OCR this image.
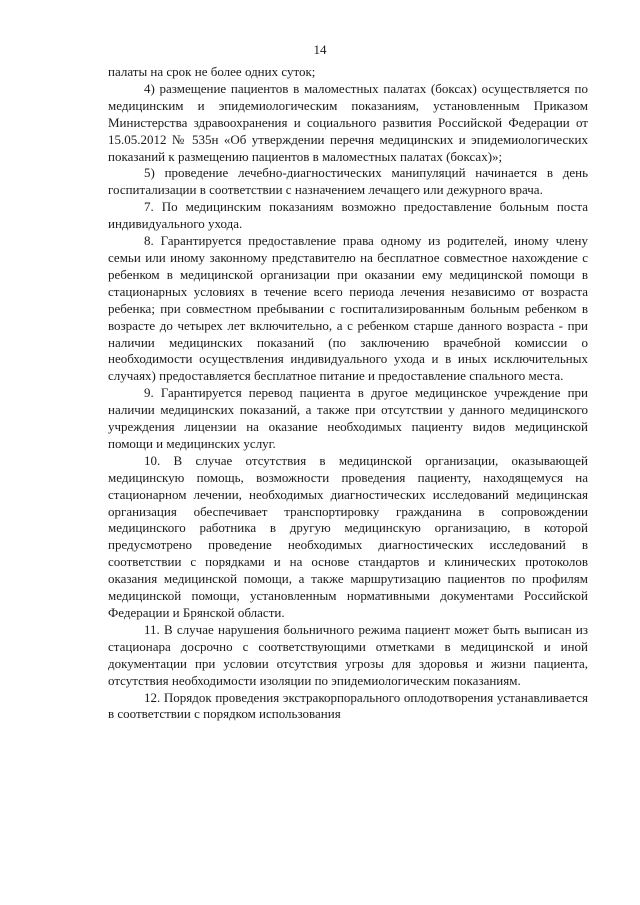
14

палаты на срок не более одних суток;

4) размещение пациентов в маломестных палатах (боксах) осуществляется по медицинским и эпидемиологическим показаниям, установленным Приказом Министерства здравоохранения и социального развития Российской Федерации от 15.05.2012 № 535н «Об утверждении перечня медицинских и эпидемиологических показаний к размещению пациентов в маломестных палатах (боксах)»;

5) проведение лечебно-диагностических манипуляций начинается в день госпитализации в соответствии с назначением лечащего или дежурного врача.

7. По медицинским показаниям возможно предоставление больным поста индивидуального ухода.

8. Гарантируется предоставление права одному из родителей, иному члену семьи или иному законному представителю на бесплатное совместное нахождение с ребенком в медицинской организации при оказании ему медицинской помощи в стационарных условиях в течение всего периода лечения независимо от возраста ребенка; при совместном пребывании с госпитализированным больным ребенком в возрасте до четырех лет включительно, а с ребенком старше данного возраста - при наличии медицинских показаний (по заключению врачебной комиссии о необходимости осуществления индивидуального ухода и в иных исключительных случаях) предоставляется бесплатное питание и предоставление спального места.

9. Гарантируется перевод пациента в другое медицинское учреждение при наличии медицинских показаний, а также при отсутствии у данного медицинского учреждения лицензии на оказание необходимых пациенту видов медицинской помощи и медицинских услуг.

10. В случае отсутствия в медицинской организации, оказывающей медицинскую помощь, возможности проведения пациенту, находящемуся на стационарном лечении, необходимых диагностических исследований медицинская организация обеспечивает транспортировку гражданина в сопровождении медицинского работника в другую медицинскую организацию, в которой предусмотрено проведение необходимых диагностических исследований в соответствии с порядками и на основе стандартов и клинических протоколов оказания медицинской помощи, а также маршрутизацию пациентов по профилям медицинской помощи, установленным нормативными документами Российской Федерации и Брянской области.

11. В случае нарушения больничного режима пациент может быть выписан из стационара досрочно с соответствующими отметками в медицинской и иной документации при условии отсутствия угрозы для здоровья и жизни пациента, отсутствия необходимости изоляции по эпидемиологическим показаниям.

12. Порядок проведения экстракорпорального оплодотворения устанавливается в соответствии с порядком использования
